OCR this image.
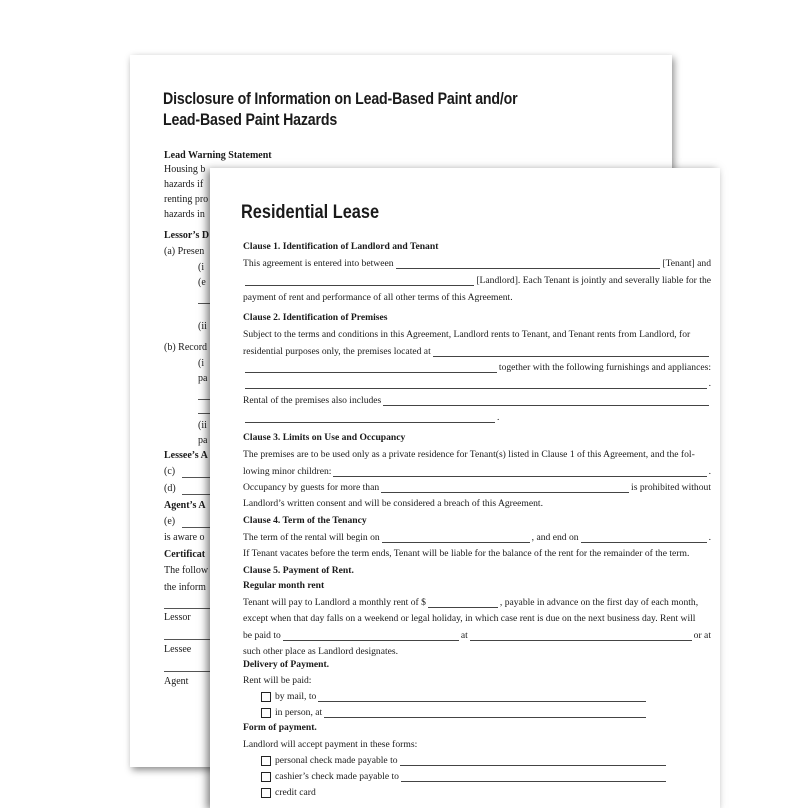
Disclosure of Information on Lead-Based Paint and/or
Lead-Based Paint Hazards
Lead Warning Statement
Housing b
hazards if
renting pro
hazards in
Lessor’s D
(a) Presen
(i
(e
(ii
(b) Record
(i
pa
(ii
pa
Lessee’s A
(c)
(d)
Agent’s A
(e)
is aware o
Certificat
The follow
the inform
Lessor
Lessee
Agent
Residential Lease
Clause 1. Identification of Landlord and Tenant
This agreement is entered into between	[Tenant] and
[Landlord]. Each Tenant is jointly and severally liable for the
payment of rent and performance of all other terms of this Agreement.
Clause 2. Identification of Premises
Subject to the terms and conditions in this Agreement, Landlord rents to Tenant, and Tenant rents from Landlord, for
residential purposes only, the premises located at
together with the following furnishings and appliances:
.
Rental of the premises also includes
.
Clause 3. Limits on Use and Occupancy
The premises are to be used only as a private residence for Tenant(s) listed in Clause 1 of this Agreement, and the fol-
lowing minor children:	.
Occupancy by guests for more than	is prohibited without
Landlord’s written consent and will be considered a breach of this Agreement.
Clause 4. Term of the Tenancy
The term of the rental will begin on	, and end on	.
If Tenant vacates before the term ends, Tenant will be liable for the balance of the rent for the remainder of the term.
Clause 5. Payment of Rent.
Regular month rent
Tenant will pay to Landlord a monthly rent of $	, payable in advance on the first day of each month,
except when that day falls on a weekend or legal holiday, in which case rent is due on the next business day. Rent will
be paid to	at	or at
such other place as Landlord designates.
Delivery of Payment.
Rent will be paid:
by mail, to
in person, at
Form of payment.
Landlord will accept payment in these forms:
personal check made payable to
cashier’s check made payable to
credit card
